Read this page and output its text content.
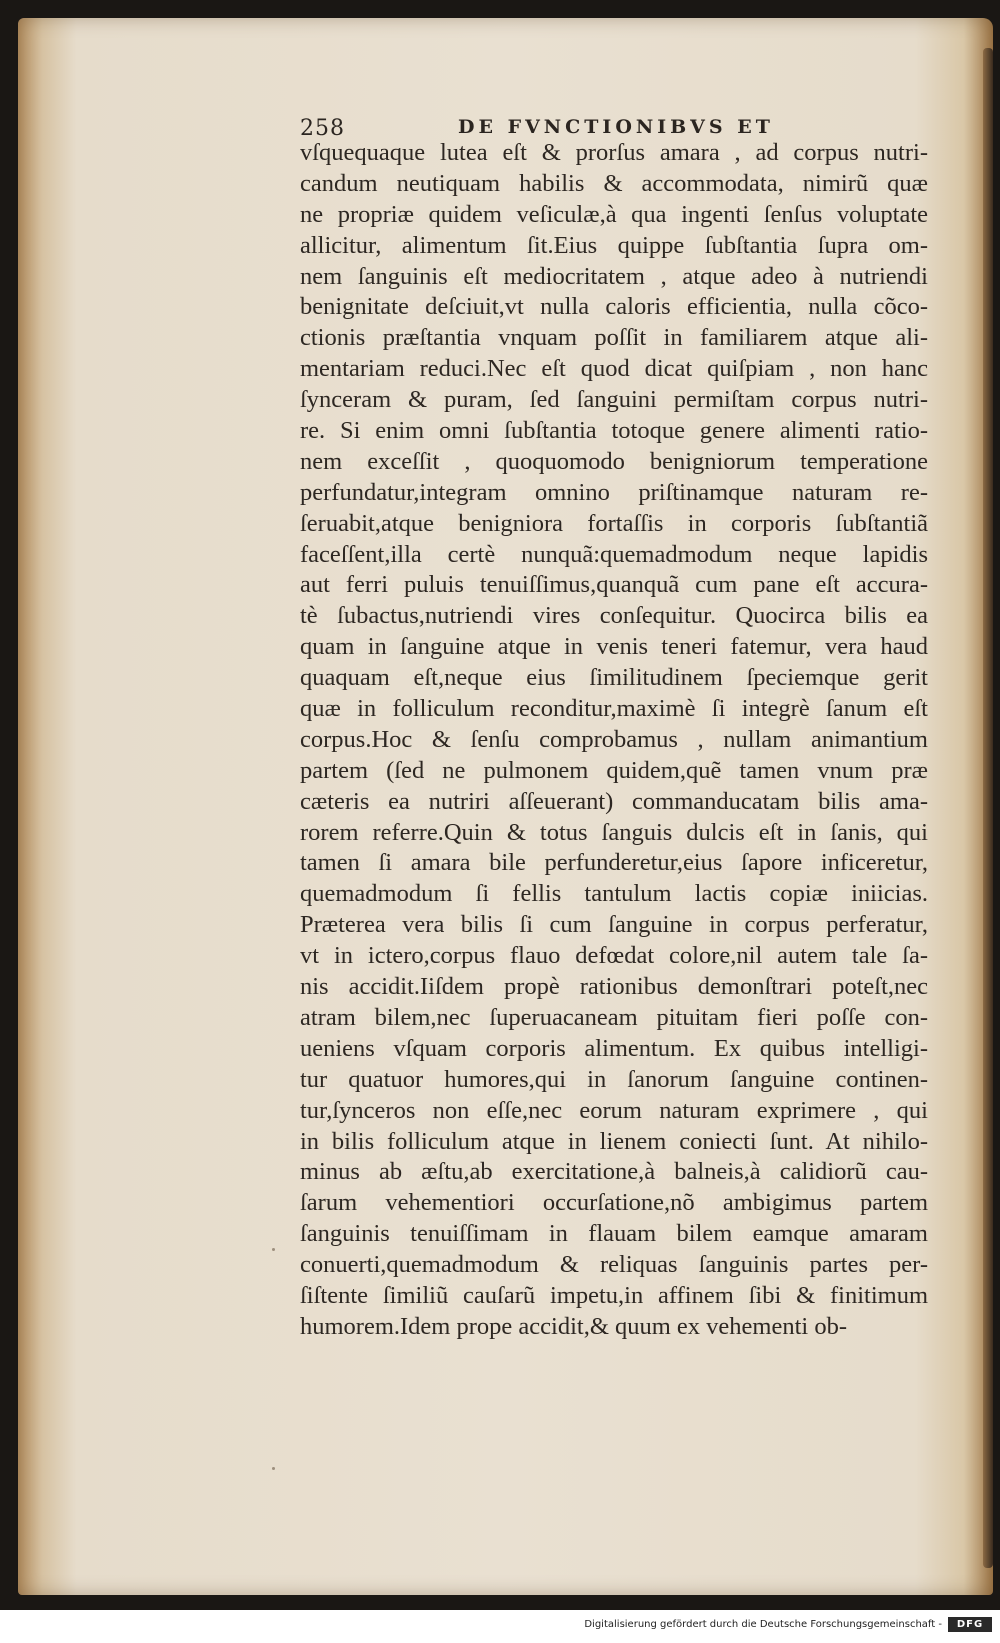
258	DE FVNCTIONIBVS ET
vſquequaque lutea eſt & prorſus amara , ad corpus nutri-
candum neutiquam habilis & accommodata, nimirũ quæ
ne propriæ quidem veſiculæ,à qua ingenti ſenſus voluptate
allicitur, alimentum ſit.Eius quippe ſubſtantia ſupra om-
nem ſanguinis eſt mediocritatem , atque adeo à nutriendi
benignitate deſciuit,vt nulla caloris efficientia, nulla cõco-
ctionis præſtantia vnquam poſſit in familiarem atque ali-
mentariam reduci.Nec eſt quod dicat quiſpiam , non hanc
ſynceram & puram, ſed ſanguini permiſtam corpus nutri-
re. Si enim omni ſubſtantia totoque genere alimenti ratio-
nem exceſſit , quoquomodo benigniorum temperatione
perfundatur,integram omnino priſtinamque naturam re-
ſeruabit,atque benigniora fortaſſis in corporis ſubſtantiã
faceſſent,illa certè nunquã:quemadmodum neque lapidis
aut ferri puluis tenuiſſimus,quanquã cum pane eſt accura-
tè ſubactus,nutriendi vires conſequitur. Quocirca bilis ea
quam in ſanguine atque in venis teneri fatemur, vera haud
quaquam eſt,neque eius ſimilitudinem ſpeciemque gerit
quæ in folliculum reconditur,maximè ſi integrè ſanum eſt
corpus.Hoc & ſenſu comprobamus , nullam animantium
partem (ſed ne pulmonem quidem,quẽ tamen vnum præ
cæteris ea nutriri aſſeuerant) commanducatam bilis ama-
rorem referre.Quin & totus ſanguis dulcis eſt in ſanis, qui
tamen ſi amara bile perfunderetur,eius ſapore inficeretur,
quemadmodum ſi fellis tantulum lactis copiæ iniicias.
Præterea vera bilis ſi cum ſanguine in corpus perferatur,
vt in ictero,corpus flauo defœdat colore,nil autem tale ſa-
nis accidit.Iiſdem propè rationibus demonſtrari poteſt,nec
atram bilem,nec ſuperuacaneam pituitam fieri poſſe con-
ueniens vſquam corporis alimentum. Ex quibus intelligi-
tur quatuor humores,qui in ſanorum ſanguine continen-
tur,ſynceros non eſſe,nec eorum naturam exprimere , qui
in bilis folliculum atque in lienem coniecti ſunt. At nihilo-
minus ab æſtu,ab exercitatione,à balneis,à calidiorũ cau-
ſarum vehementiori occurſatione,nõ ambigimus partem
ſanguinis tenuiſſimam in flauam bilem eamque amaram
conuerti,quemadmodum & reliquas ſanguinis partes per-
ſiſtente ſimiliũ cauſarũ impetu,in affinem ſibi & finitimum
humorem.Idem prope accidit,& quum ex vehementi ob-
Digitalisierung gefördert durch die Deutsche Forschungsgemeinschaft -	DFG
